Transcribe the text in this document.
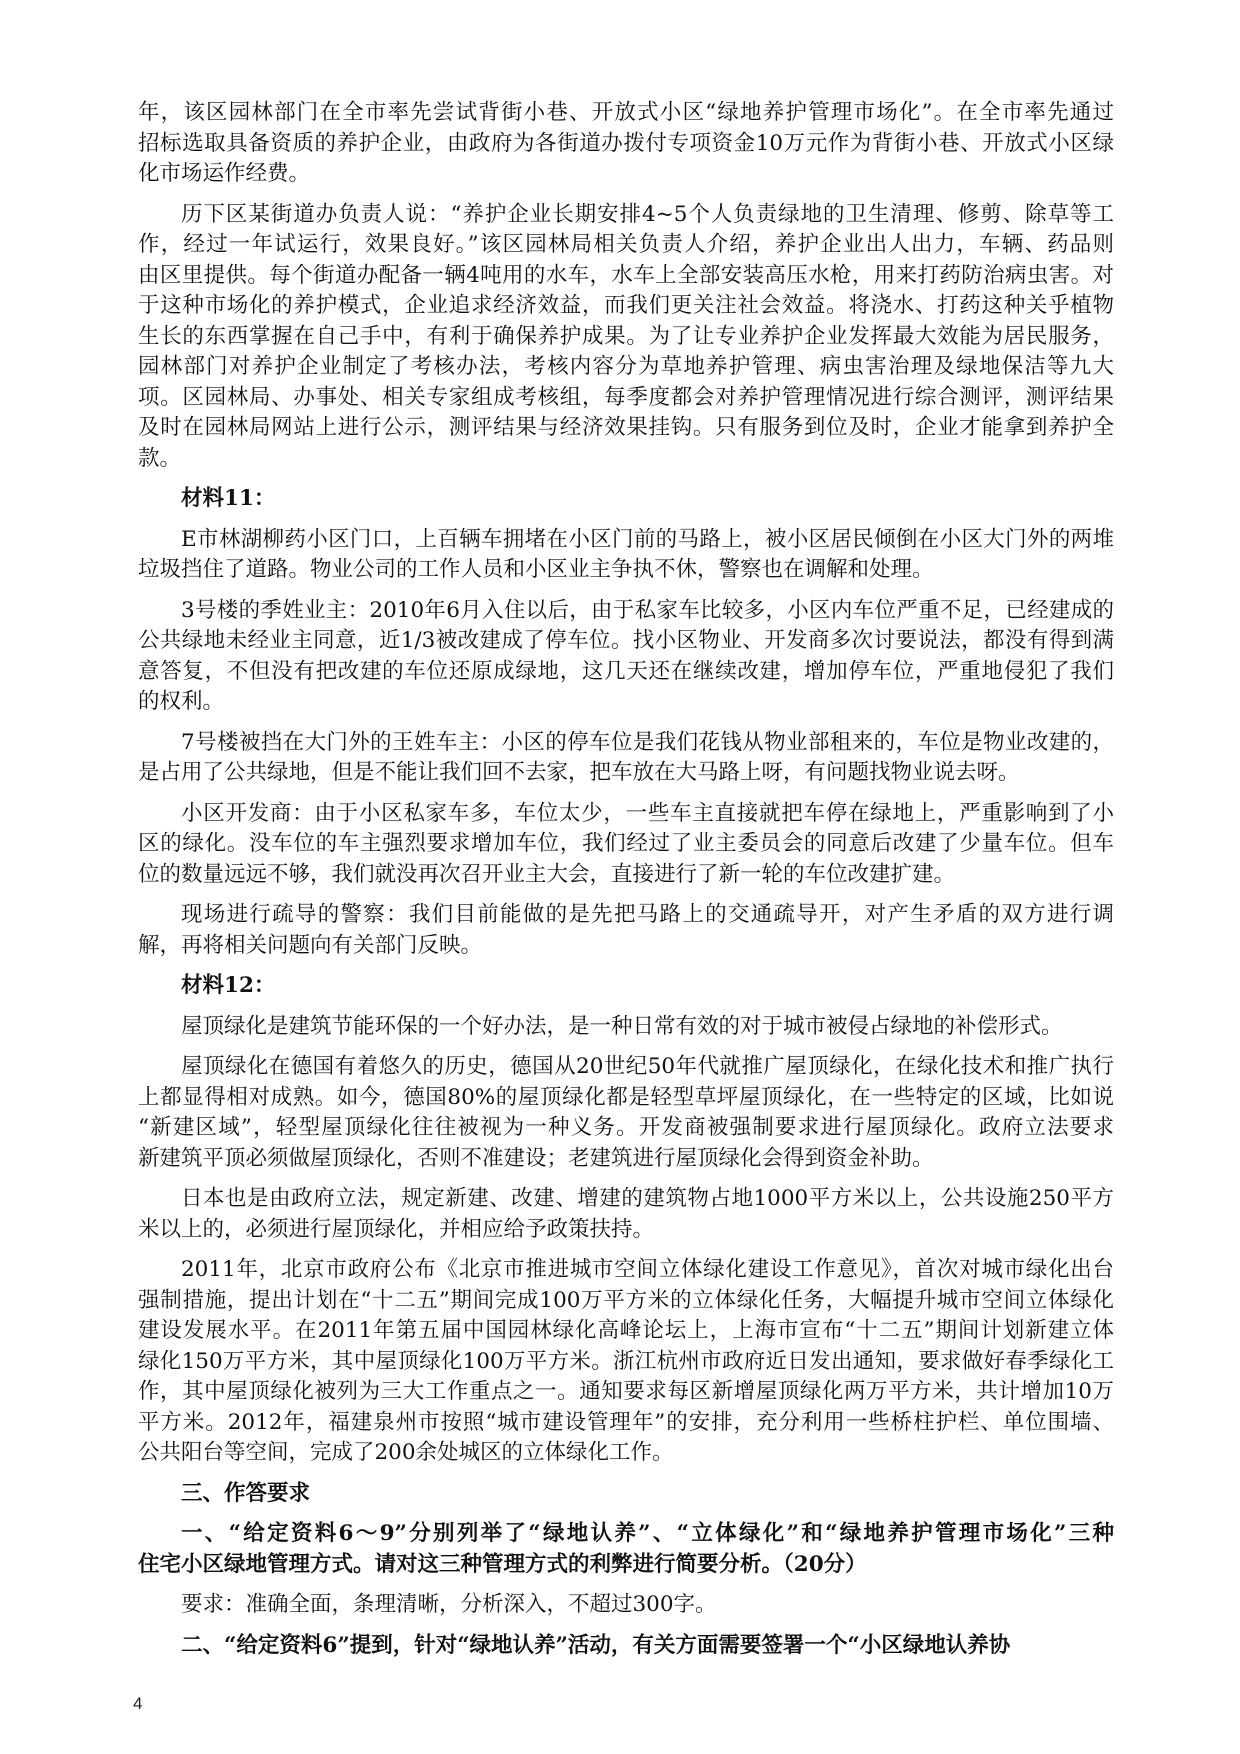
年，该区园林部门在全市率先尝试背街小巷、开放式小区“绿地养护管理市场化”。在全市率先通过
招标选取具备资质的养护企业，由政府为各街道办拨付专项资金10万元作为背街小巷、开放式小区绿
化市场运作经费。
历下区某街道办负责人说：“养护企业长期安排4~5个人负责绿地的卫生清理、修剪、除草等工
作，经过一年试运行，效果良好。”该区园林局相关负责人介绍，养护企业出人出力，车辆、药品则
由区里提供。每个街道办配备一辆4吨用的水车，水车上全部安装高压水枪，用来打药防治病虫害。对
于这种市场化的养护模式，企业追求经济效益，而我们更关注社会效益。将浇水、打药这种关乎植物
生长的东西掌握在自己手中，有利于确保养护成果。为了让专业养护企业发挥最大效能为居民服务，
园林部门对养护企业制定了考核办法，考核内容分为草地养护管理、病虫害治理及绿地保洁等九大
项。区园林局、办事处、相关专家组成考核组，每季度都会对养护管理情况进行综合测评，测评结果
及时在园林局网站上进行公示，测评结果与经济效果挂钩。只有服务到位及时，企业才能拿到养护全
款。
材料11：
E市林湖柳药小区门口，上百辆车拥堵在小区门前的马路上，被小区居民倾倒在小区大门外的两堆
垃圾挡住了道路。物业公司的工作人员和小区业主争执不休，警察也在调解和处理。
3号楼的季姓业主：2010年6月入住以后，由于私家车比较多，小区内车位严重不足，已经建成的
公共绿地未经业主同意，近1/3被改建成了停车位。找小区物业、开发商多次讨要说法，都没有得到满
意答复，不但没有把改建的车位还原成绿地，这几天还在继续改建，增加停车位，严重地侵犯了我们
的权利。
7号楼被挡在大门外的王姓车主：小区的停车位是我们花钱从物业部租来的，车位是物业改建的，
是占用了公共绿地，但是不能让我们回不去家，把车放在大马路上呀，有问题找物业说去呀。
小区开发商：由于小区私家车多，车位太少，一些车主直接就把车停在绿地上，严重影响到了小
区的绿化。没车位的车主强烈要求增加车位，我们经过了业主委员会的同意后改建了少量车位。但车
位的数量远远不够，我们就没再次召开业主大会，直接进行了新一轮的车位改建扩建。
现场进行疏导的警察：我们目前能做的是先把马路上的交通疏导开，对产生矛盾的双方进行调
解，再将相关问题向有关部门反映。
材料12：
屋顶绿化是建筑节能环保的一个好办法，是一种日常有效的对于城市被侵占绿地的补偿形式。
屋顶绿化在德国有着悠久的历史，德国从20世纪50年代就推广屋顶绿化，在绿化技术和推广执行
上都显得相对成熟。如今，德国80%的屋顶绿化都是轻型草坪屋顶绿化，在一些特定的区域，比如说
“新建区域”，轻型屋顶绿化往往被视为一种义务。开发商被强制要求进行屋顶绿化。政府立法要求
新建筑平顶必须做屋顶绿化，否则不准建设；老建筑进行屋顶绿化会得到资金补助。
日本也是由政府立法，规定新建、改建、增建的建筑物占地1000平方米以上，公共设施250平方
米以上的，必须进行屋顶绿化，并相应给予政策扶持。
2011年，北京市政府公布《北京市推进城市空间立体绿化建设工作意见》，首次对城市绿化出台
强制措施，提出计划在“十二五”期间完成100万平方米的立体绿化任务，大幅提升城市空间立体绿化
建设发展水平。在2011年第五届中国园林绿化高峰论坛上，上海市宣布“十二五”期间计划新建立体
绿化150万平方米，其中屋顶绿化100万平方米。浙江杭州市政府近日发出通知，要求做好春季绿化工
作，其中屋顶绿化被列为三大工作重点之一。通知要求每区新增屋顶绿化两万平方米，共计增加10万
平方米。2012年，福建泉州市按照“城市建设管理年”的安排，充分利用一些桥柱护栏、单位围墙、
公共阳台等空间，完成了200余处城区的立体绿化工作。
三、作答要求
一、“给定资料6～9”分别列举了“绿地认养”、“立体绿化”和“绿地养护管理市场化”三种
住宅小区绿地管理方式。请对这三种管理方式的利弊进行简要分析。（20分）
要求：准确全面，条理清晰，分析深入，不超过300字。
二、“给定资料6”提到，针对“绿地认养”活动，有关方面需要签署一个“小区绿地认养协
4
